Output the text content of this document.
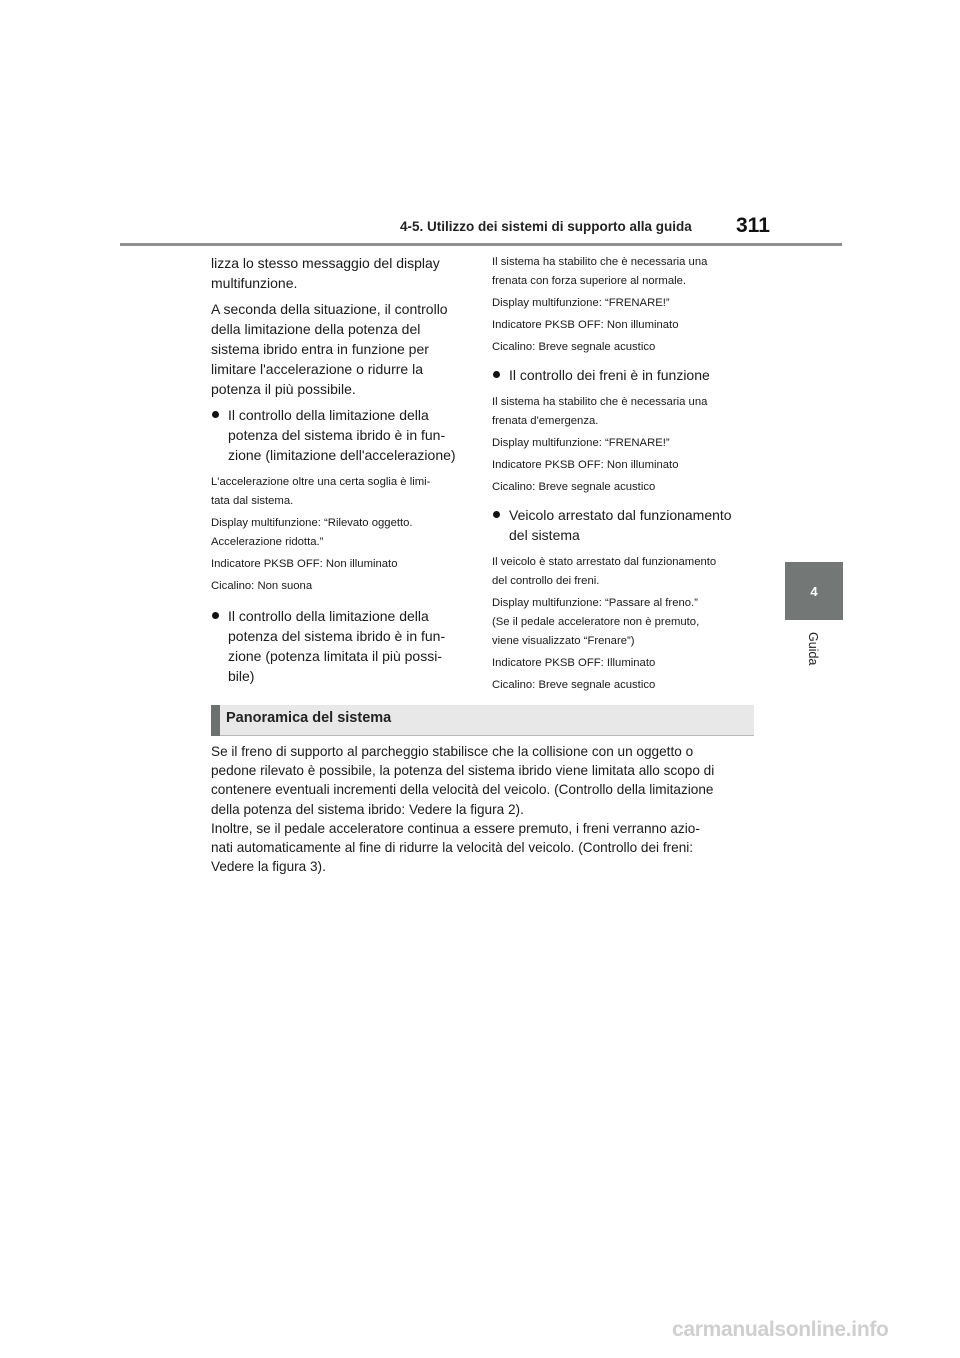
4-5. Utilizzo dei sistemi di supporto alla guida	311
4
Guida

lizza lo stesso messaggio del display
multifunzione.

A seconda della situazione, il controllo
della limitazione della potenza del
sistema ibrido entra in funzione per
limitare l'accelerazione o ridurre la
potenza il più possibile.

Il controllo della limitazione della
potenza del sistema ibrido è in fun-
zione (limitazione dell'accelerazione)

L'accelerazione oltre una certa soglia è limi-
tata dal sistema.

Display multifunzione: “Rilevato oggetto.
Accelerazione ridotta.”

Indicatore PKSB OFF: Non illuminato

Cicalino: Non suona

Il controllo della limitazione della
potenza del sistema ibrido è in fun-
zione (potenza limitata il più possi-
bile)

Il sistema ha stabilito che è necessaria una
frenata con forza superiore al normale.

Display multifunzione: “FRENARE!”

Indicatore PKSB OFF: Non illuminato

Cicalino: Breve segnale acustico

Il controllo dei freni è in funzione

Il sistema ha stabilito che è necessaria una
frenata d'emergenza.

Display multifunzione: “FRENARE!”

Indicatore PKSB OFF: Non illuminato

Cicalino: Breve segnale acustico

Veicolo arrestato dal funzionamento
del sistema

Il veicolo è stato arrestato dal funzionamento
del controllo dei freni.

Display multifunzione: “Passare al freno.”
(Se il pedale acceleratore non è premuto,
viene visualizzato “Frenare”)

Indicatore PKSB OFF: Illuminato

Cicalino: Breve segnale acustico

Panoramica del sistema
Se il freno di supporto al parcheggio stabilisce che la collisione con un oggetto o
pedone rilevato è possibile, la potenza del sistema ibrido viene limitata allo scopo di
contenere eventuali incrementi della velocità del veicolo. (Controllo della limitazione
della potenza del sistema ibrido: Vedere la figura 2).
Inoltre, se il pedale acceleratore continua a essere premuto, i freni verranno azio-
nati automaticamente al fine di ridurre la velocità del veicolo. (Controllo dei freni:
Vedere la figura 3).
carmanualsonline.info
